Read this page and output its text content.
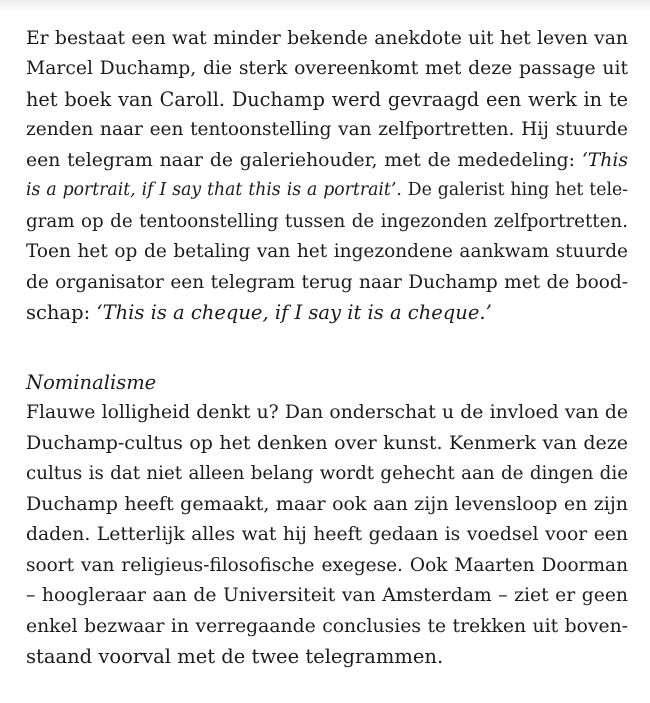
Er bestaat een wat minder bekende anekdote uit het leven van
Marcel Duchamp, die sterk overeenkomt met deze passage uit
het boek van Caroll. Duchamp werd gevraagd een werk in te
zenden naar een tentoonstelling van zelfportretten. Hij stuurde
een telegram naar de galeriehouder, met de mededeling: ‘This
is a portrait, if I say that this is a portrait’. De galerist hing het tele-
gram op de tentoonstelling tussen de ingezonden zelfportretten.
Toen het op de betaling van het ingezondene aankwam stuurde
de organisator een telegram terug naar Duchamp met de bood-
schap: ‘This is a cheque, if I say it is a cheque.’
Nominalisme
Flauwe lolligheid denkt u? Dan onderschat u de invloed van de
Duchamp-cultus op het denken over kunst. Kenmerk van deze
cultus is dat niet alleen belang wordt gehecht aan de dingen die
Duchamp heeft gemaakt, maar ook aan zijn levensloop en zijn
daden. Letterlijk alles wat hij heeft gedaan is voedsel voor een
soort van religieus-filosofische exegese. Ook Maarten Doorman
– hoogleraar aan de Universiteit van Amsterdam – ziet er geen
enkel bezwaar in verregaande conclusies te trekken uit boven-
staand voorval met de twee telegrammen.
